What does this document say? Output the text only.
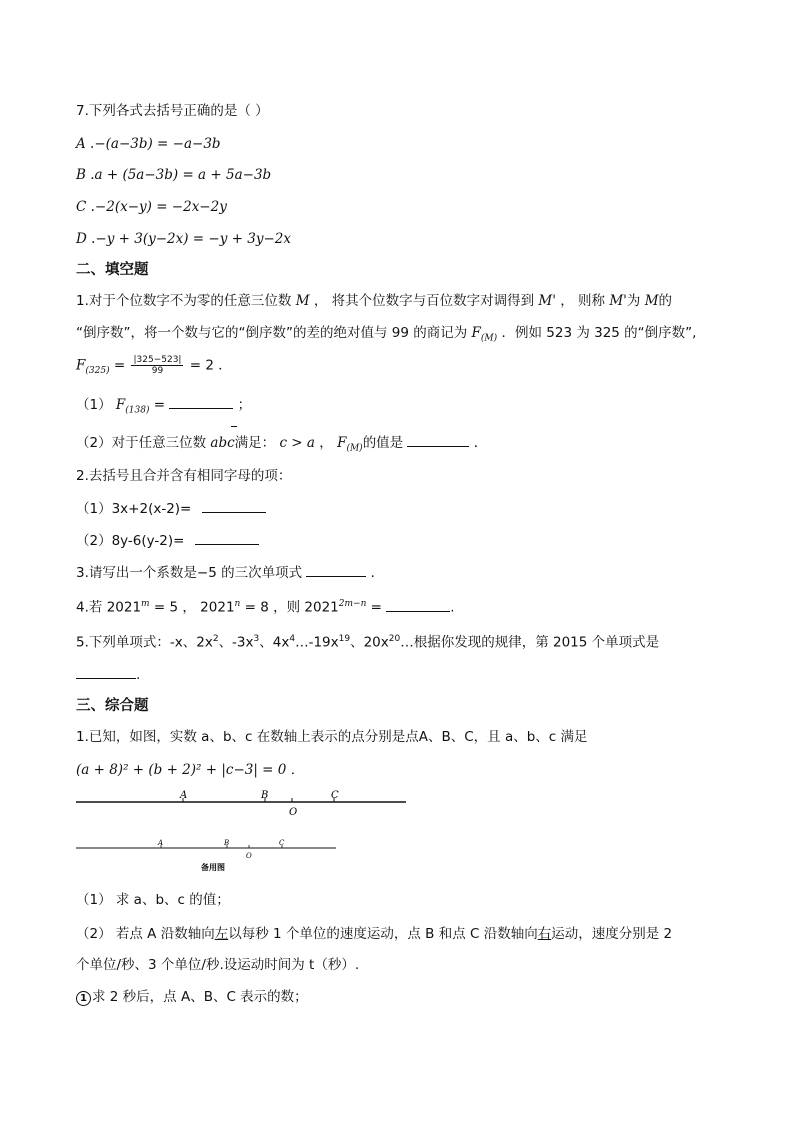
7.下列各式去括号正确的是（ ）
A .−(a−3b) = −a−3b
B .a + (5a−3b) = a + 5a−3b
C .−2(x−y) = −2x−2y
D .−y + 3(y−2x) = −y + 3y−2x
二、填空题
1.对于个位数字不为零的任意三位数 M ， 将其个位数字与百位数字对调得到 M' ， 则称 M'为 M的
“倒序数”，将一个数与它的“倒序数”的差的绝对值与 99 的商记为 $F_{(M)}$ ．例如 523 为 325 的“倒序数”,
$F_{(325)} = \frac{|325-523|}{99} = 2$ ．
（1） $F_{(138)}$ =	；
（2）对于任意三位数 abc满足： c > a ， $F_{(M)}$的值是	．
2.去括号且合并含有相同字母的项：
（1）3x+2(x-2)=
（2）8y-6(y-2)=
3.请写出一个系数是−5 的三次单项式	．
4.若 $2021^m = 5$ ， $2021^n = 8$ ，则 $2021^{2m-n}$ =	.
5.下列单项式：-x、$2x^2$、$-3x^3$、$4x^4\dots-19x^{19}$、$20x^{20}\dots$根据你发现的规律，第 2015 个单项式是
.
三、综合题
1.已知，如图，实数 a、b、c 在数轴上表示的点分别是点A、B、C，且 a、b、c 满足
(a + 8)² + (b + 2)² + |c−3| = 0 ．
A	B
O
C
A	B
O
C
备用图
（1） 求 a、b、c 的值；
（2） 若点 A 沿数轴向左以每秒 1 个单位的速度运动，点 B 和点 C 沿数轴向右运动，速度分别是 2
个单位/秒、3 个单位/秒.设运动时间为 t（秒）.
1 求 2 秒后，点 A、B、C 表示的数；
